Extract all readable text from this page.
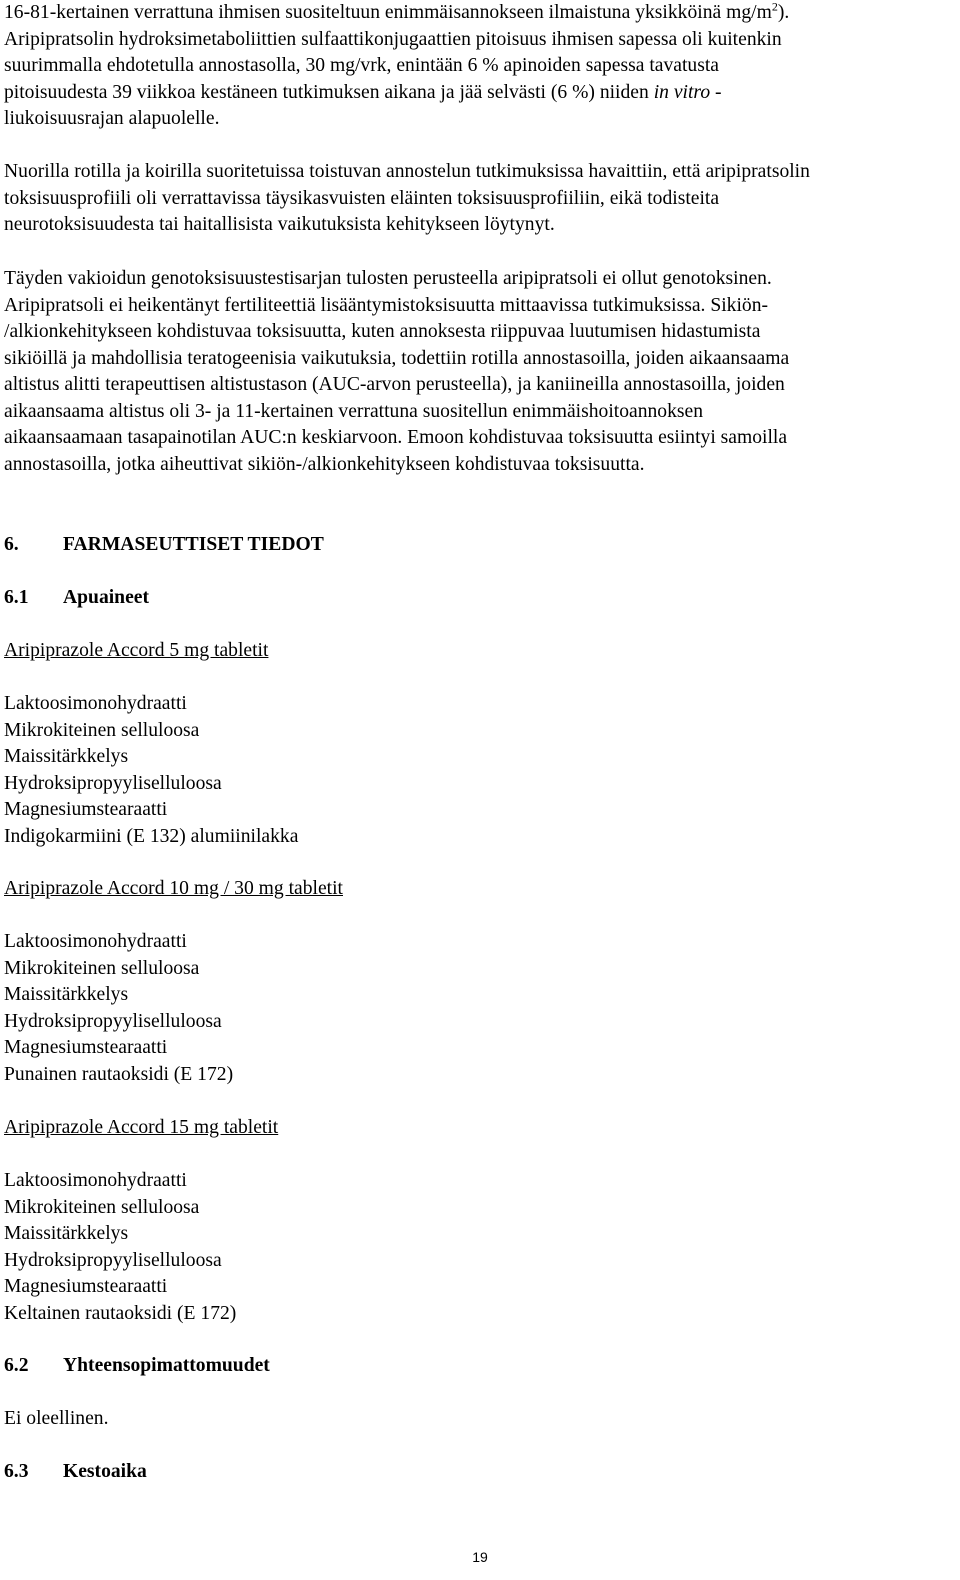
16-81-kertainen verrattuna ihmisen suositeltuun enimmäisannokseen ilmaistuna yksikköinä $mg/m^2$).
Aripipratsolin hydroksimetaboliittien sulfaattikonjugaattien pitoisuus ihmisen sapessa oli kuitenkin
suurimmalla ehdotetulla annostasolla, 30 mg/vrk, enintään 6 % apinoiden sapessa tavatusta
pitoisuudesta 39 viikkoa kestäneen tutkimuksen aikana ja jää selvästi (6 %) niiden in vitro -
liukoisuusrajan alapuolelle.
Nuorilla rotilla ja koirilla suoritetuissa toistuvan annostelun tutkimuksissa havaittiin, että aripipratsolin
toksisuusprofiili oli verrattavissa täysikasvuisten eläinten toksisuusprofiiliin, eikä todisteita
neurotoksisuudesta tai haitallisista vaikutuksista kehitykseen löytynyt.
Täyden vakioidun genotoksisuustestisarjan tulosten perusteella aripipratsoli ei ollut genotoksinen.
Aripipratsoli ei heikentänyt fertiliteettiä lisääntymistoksisuutta mittaavissa tutkimuksissa. Sikiön-
/alkionkehitykseen kohdistuvaa toksisuutta, kuten annoksesta riippuvaa luutumisen hidastumista
sikiöillä ja mahdollisia teratogeenisia vaikutuksia, todettiin rotilla annostasoilla, joiden aikaansaama
altistus alitti terapeuttisen altistustason (AUC-arvon perusteella), ja kaniineilla annostasoilla, joiden
aikaansaama altistus oli 3- ja 11-kertainen verrattuna suositellun enimmäishoitoannoksen
aikaansaamaan tasapainotilan AUC:n keskiarvoon. Emoon kohdistuvaa toksisuutta esiintyi samoilla
annostasoilla, jotka aiheuttivat sikiön-/alkionkehitykseen kohdistuvaa toksisuutta.
6. FARMASEUTTISET TIEDOT
6.1 Apuaineet
Aripiprazole Accord 5 mg tabletit
Laktoosimonohydraatti
Mikrokiteinen selluloosa
Maissitärkkelys
Hydroksipropyyliselluloosa
Magnesiumstearaatti
Indigokarmiini (E 132) alumiinilakka
Aripiprazole Accord 10 mg / 30 mg tabletit
Laktoosimonohydraatti
Mikrokiteinen selluloosa
Maissitärkkelys
Hydroksipropyyliselluloosa
Magnesiumstearaatti
Punainen rautaoksidi (E 172)
Aripiprazole Accord 15 mg tabletit
Laktoosimonohydraatti
Mikrokiteinen selluloosa
Maissitärkkelys
Hydroksipropyyliselluloosa
Magnesiumstearaatti
Keltainen rautaoksidi (E 172)
6.2 Yhteensopimattomuudet
Ei oleellinen.
6.3 Kestoaika
19
